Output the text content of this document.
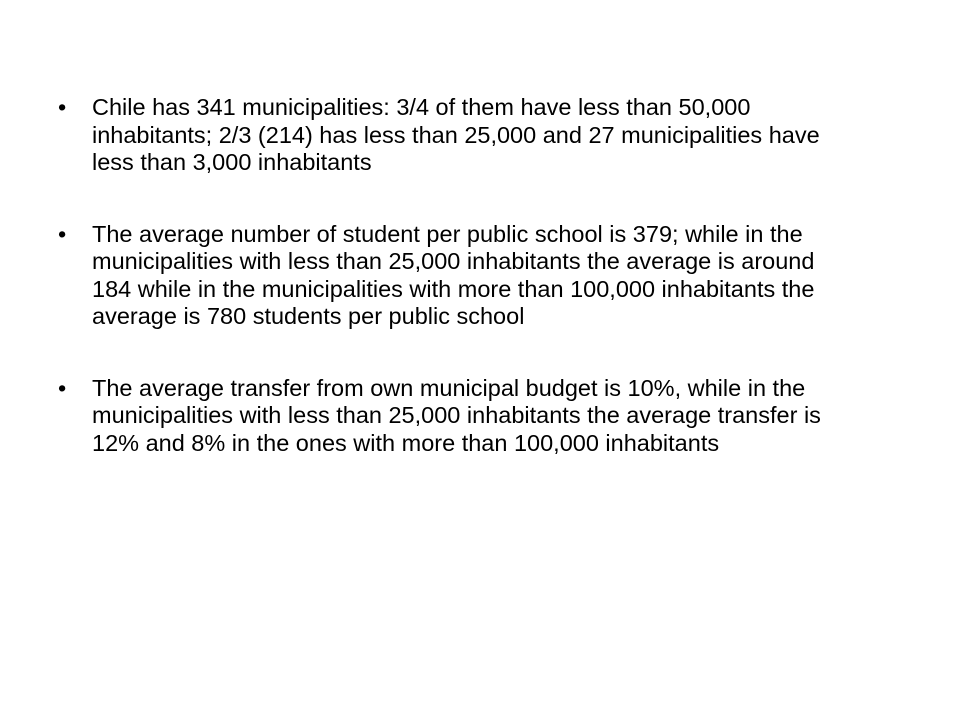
•	Chile has 341 municipalities: 3/4 of them have less than 50,000 inhabitants; 2/3 (214) has less than 25,000 and 27 municipalities have less than 3,000 inhabitants
•	The average number of student per public school is 379; while in the municipalities with less than 25,000 inhabitants the average is around 184 while in the municipalities with more than 100,000 inhabitants the average is 780 students per public school
•	The average transfer from own municipal budget is 10%, while in the municipalities with less than 25,000 inhabitants the average transfer is 12% and 8% in the ones with more than 100,000 inhabitants
